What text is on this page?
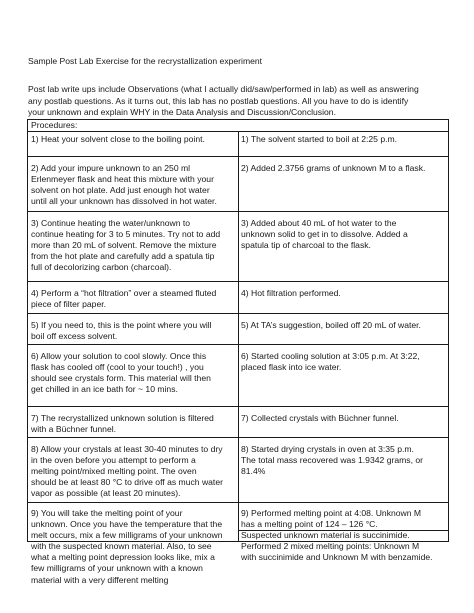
Sample Post Lab Exercise for the recrystallization experiment
Post lab write ups include Observations (what I actually did/saw/performed in lab) as well as answering
any postlab questions. As it turns out, this lab has no postlab questions. All you have to do is identify
your unknown and explain WHY in the Data Analysis and Discussion/Conclusion.
Procedures:
1) Heat your solvent close to the boiling point.	1) The solvent started to boil at 2:25 p.m.
2) Add your impure unknown to an 250 ml
Erlenmeyer flask and heat this mixture with your
solvent on hot plate. Add just enough hot water
until all your unknown has dissolved in hot water.
2) Added 2.3756 grams of unknown M to a flask.
3) Continue heating the water/unknown to
continue heating for 3 to 5 minutes. Try not to add
more than 20 mL of solvent. Remove the mixture
from the hot plate and carefully add a spatula tip
full of decolorizing carbon (charcoal).
3) Added about 40 mL of hot water to the
unknown solid to get in to dissolve. Added a
spatula tip of charcoal to the flask.
4) Perform a “hot filtration” over a steamed fluted
piece of filter paper.
4) Hot filtration performed.
5) If you need to, this is the point where you will
boil off excess solvent.
5) At TA’s suggestion, boiled off 20 mL of water.
6) Allow your solution to cool slowly. Once this
flask has cooled off (cool to your touch!) , you
should see crystals form. This material will then
get chilled in an ice bath for ~ 10 mins.
6) Started cooling solution at 3:05 p.m. At 3:22,
placed flask into ice water.
7) The recrystallized unknown solution is filtered
with a Büchner funnel.
7) Collected crystals with Büchner funnel.
8) Allow your crystals at least 30-40 minutes to dry
in the oven before you attempt to perform a
melting point/mixed melting point. The oven
should be at least 80 °C to drive off as much water
vapor as possible (at least 20 minutes).
8) Started drying crystals in oven at 3:35 p.m.
The total mass recovered was 1.9342 grams, or
81.4%
9) You will take the melting point of your
unknown. Once you have the temperature that the
melt occurs, mix a few milligrams of your unknown
with the suspected known material. Also, to see
what a melting point depression looks like, mix a
few milligrams of your unknown with a known
material with a very different melting
9) Performed melting point at 4:08. Unknown M
has a melting point of 124 – 126 °C.
Suspected unknown material is succinimide.
Performed 2 mixed melting points: Unknown M
with succinimide and Unknown M with benzamide.
